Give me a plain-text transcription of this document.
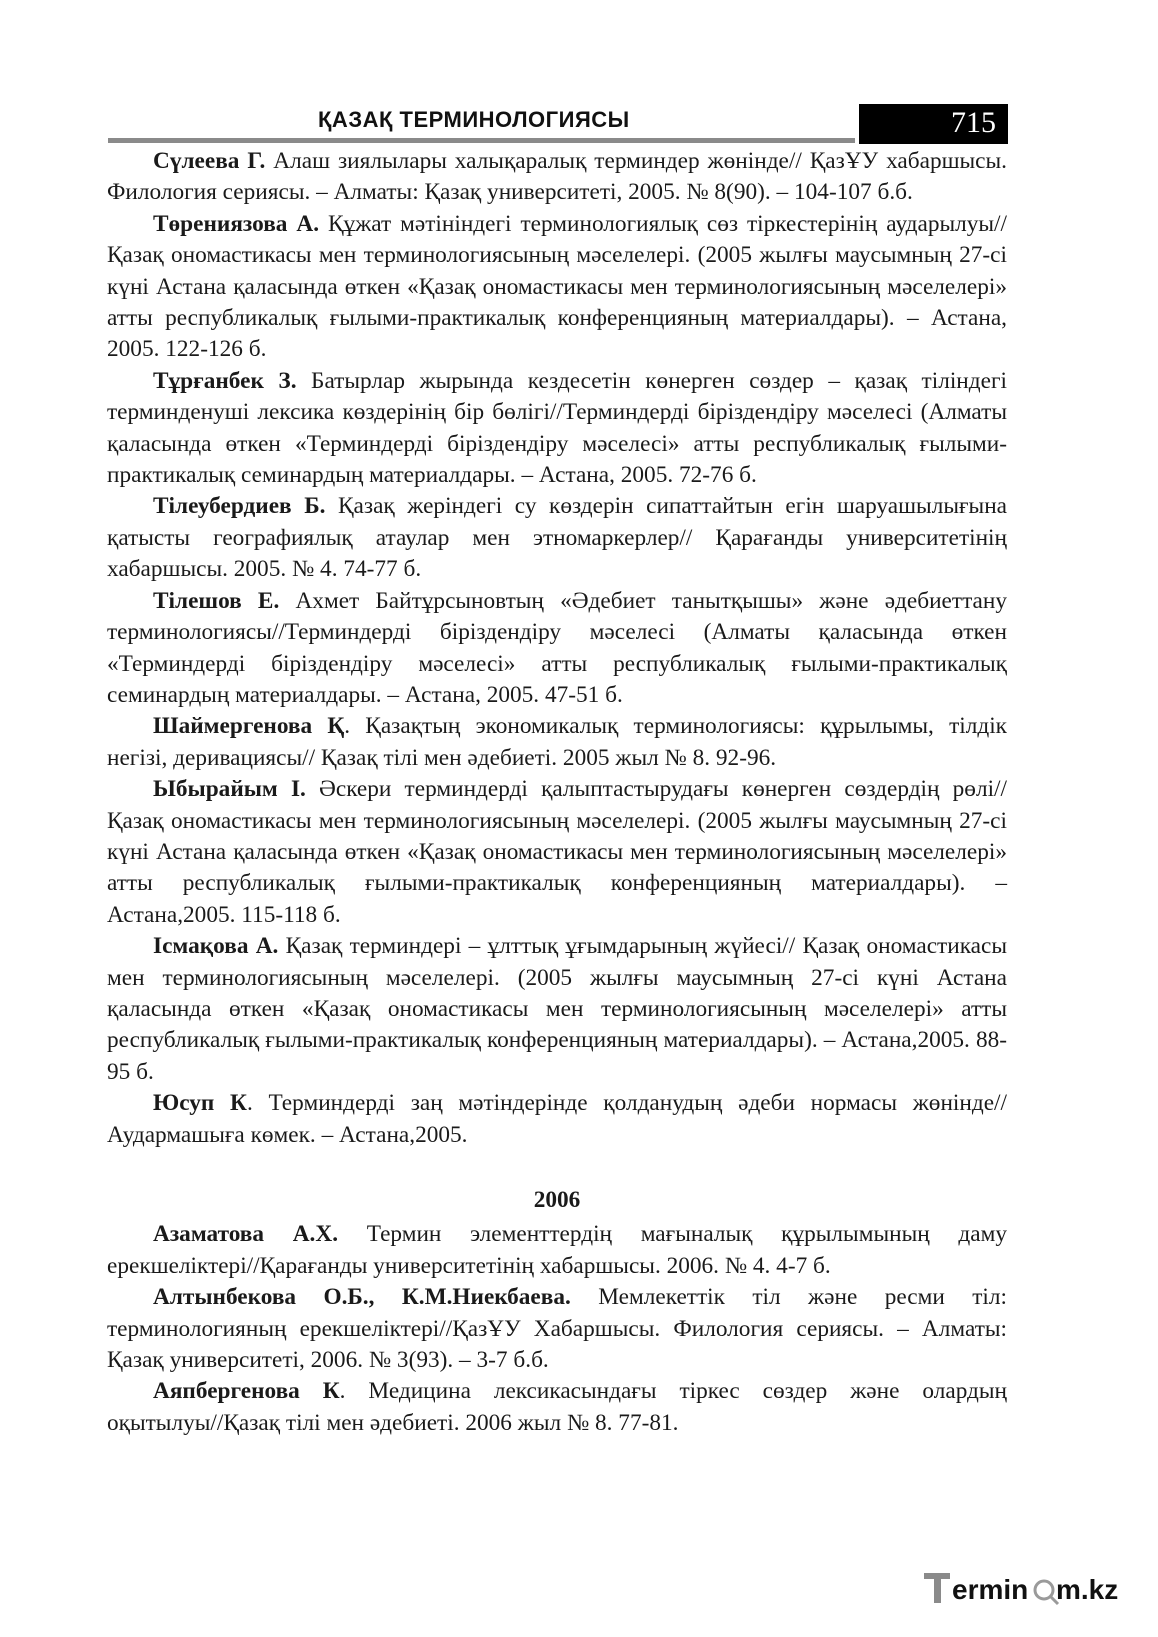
ҚАЗАҚ ТЕРМИНОЛОГИЯСЫ	715

Сүлеева Г. Алаш зиялылары халықаралық терминдер жөнінде// ҚазҰУ хабаршысы. Филология сериясы. – Алматы: Қазақ университеті, 2005. № 8(90). – 104-107 б.б.

Төрениязова А. Құжат мәтініндегі терминологиялық сөз тіркестерінің аударылуы//Қазақ ономастикасы мен терминологиясының мәселелері. (2005 жылғы маусымның 27-сі күні Астана қаласында өткен «Қазақ ономастикасы мен терминологиясының мәселелері» атты республикалық ғылыми-практикалық конференцияның материалдары). – Астана, 2005. 122-126 б.

Тұрғанбек З. Батырлар жырында кездесетін көнерген сөздер – қазақ тіліндегі терминденуші лексика көздерінің бір бөлігі//Терминдерді біріздендіру мәселесі (Алматы қаласында өткен «Терминдерді біріздендіру мәселесі» атты республикалық ғылыми-практикалық семинардың материалдары. – Астана, 2005. 72-76 б.

Тілеубердиев Б. Қазақ жеріндегі су көздерін сипаттайтын егін шаруашылығына қатысты географиялық атаулар мен этномаркерлер// Қарағанды университетінің хабаршысы. 2005. № 4. 74-77 б.

Тілешов Е. Ахмет Байтұрсыновтың «Әдебиет танытқышы» және әдебиеттану терминологиясы//Терминдерді біріздендіру мәселесі (Алматы қаласында өткен «Терминдерді біріздендіру мәселесі» атты республикалық ғылыми-практикалық семинардың материалдары. – Астана, 2005. 47-51 б.

Шаймергенова Қ. Қазақтың экономикалық терминологиясы: құрылымы, тілдік негізі, деривациясы// Қазақ тілі мен әдебиеті. 2005 жыл № 8. 92-96.

Ыбырайым І. Әскери терминдерді қалыптастырудағы көнерген сөздердің рөлі//Қазақ ономастикасы мен терминологиясының мәселелері. (2005 жылғы маусымның 27-сі күні Астана қаласында өткен «Қазақ ономастикасы мен терминологиясының мәселелері» атты республикалық ғылыми-практикалық конференцияның материалдары). – Астана,2005. 115-118 б.

Ісмақова А. Қазақ терминдері – ұлттық ұғымдарының жүйесі// Қазақ ономастикасы мен терминологиясының мәселелері. (2005 жылғы маусымның 27-сі күні Астана қаласында өткен «Қазақ ономастикасы мен терминологиясының мәселелері» атты республикалық ғылыми-практикалық конференцияның материалдары). – Астана,2005. 88-95 б.

Юсуп К. Терминдерді заң мәтіндерінде қолданудың әдеби нормасы жөнінде// Аудармашыға көмек. – Астана,2005.

2006

Азаматова А.Х. Термин элементтердің мағыналық құрылымының даму ерекшеліктері//Қарағанды университетінің хабаршысы. 2006. № 4. 4-7 б.

Алтынбекова О.Б., К.М.Ниекбаева. Мемлекеттік тіл және ресми тіл: терминологияның ерекшеліктері//ҚазҰУ Хабаршысы. Филология сериясы. – Алматы: Қазақ университеті, 2006. № 3(93). – 3-7 б.б.

Аяпбергенова К. Медицина лексикасындағы тіркес сөздер және олардың оқытылуы//Қазақ тілі мен әдебиеті. 2006 жыл № 8. 77-81.

ermin m.kz
